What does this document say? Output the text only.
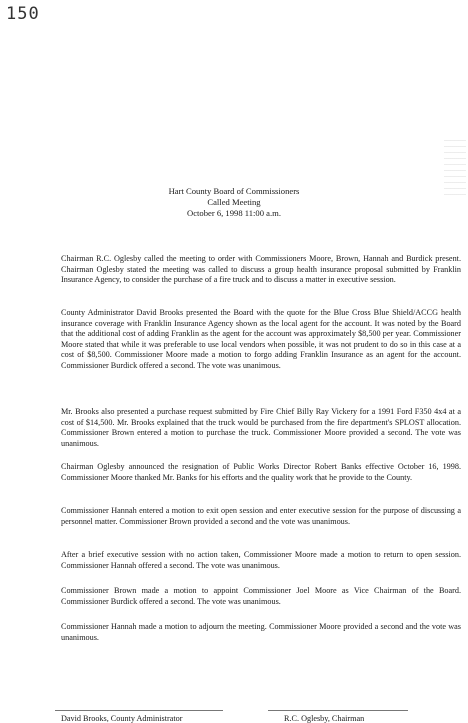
150
Hart County Board of Commissioners
Called Meeting
October 6, 1998 11:00 a.m.

Chairman R.C. Oglesby called the meeting to order with Commissioners Moore, Brown, Hannah and Burdick present. Chairman Oglesby stated the meeting was called to discuss a group health insurance proposal submitted by Franklin Insurance Agency, to consider the purchase of a fire truck and to discuss a matter in executive session.

County Administrator David Brooks presented the Board with the quote for the Blue Cross Blue Shield/ACCG health insurance coverage with Franklin Insurance Agency shown as the local agent for the account. It was noted by the Board that the additional cost of adding Franklin as the agent for the account was approximately $8,500 per year. Commissioner Moore stated that while it was preferable to use local vendors when possible, it was not prudent to do so in this case at a cost of $8,500. Commissioner Moore made a motion to forgo adding Franklin Insurance as an agent for the account. Commissioner Burdick offered a second. The vote was unanimous.

Mr. Brooks also presented a purchase request submitted by Fire Chief Billy Ray Vickery for a 1991 Ford F350 4x4 at a cost of $14,500. Mr. Brooks explained that the truck would be purchased from the fire department's SPLOST allocation. Commissioner Brown entered a motion to purchase the truck. Commissioner Moore provided a second. The vote was unanimous.

Chairman Oglesby announced the resignation of Public Works Director Robert Banks effective October 16, 1998. Commissioner Moore thanked Mr. Banks for his efforts and the quality work that he provide to the County.

Commissioner Hannah entered a motion to exit open session and enter executive session for the purpose of discussing a personnel matter. Commissioner Brown provided a second and the vote was unanimous.

After a brief executive session with no action taken, Commissioner Moore made a motion to return to open session. Commissioner Hannah offered a second. The vote was unanimous.

Commissioner Brown made a motion to appoint Commissioner Joel Moore as Vice Chairman of the Board. Commissioner Burdick offered a second. The vote was unanimous.

Commissioner Hannah made a motion to adjourn the meeting. Commissioner Moore provided a second and the vote was unanimous.

David Brooks, County Administrator	R.C. Oglesby, Chairman
